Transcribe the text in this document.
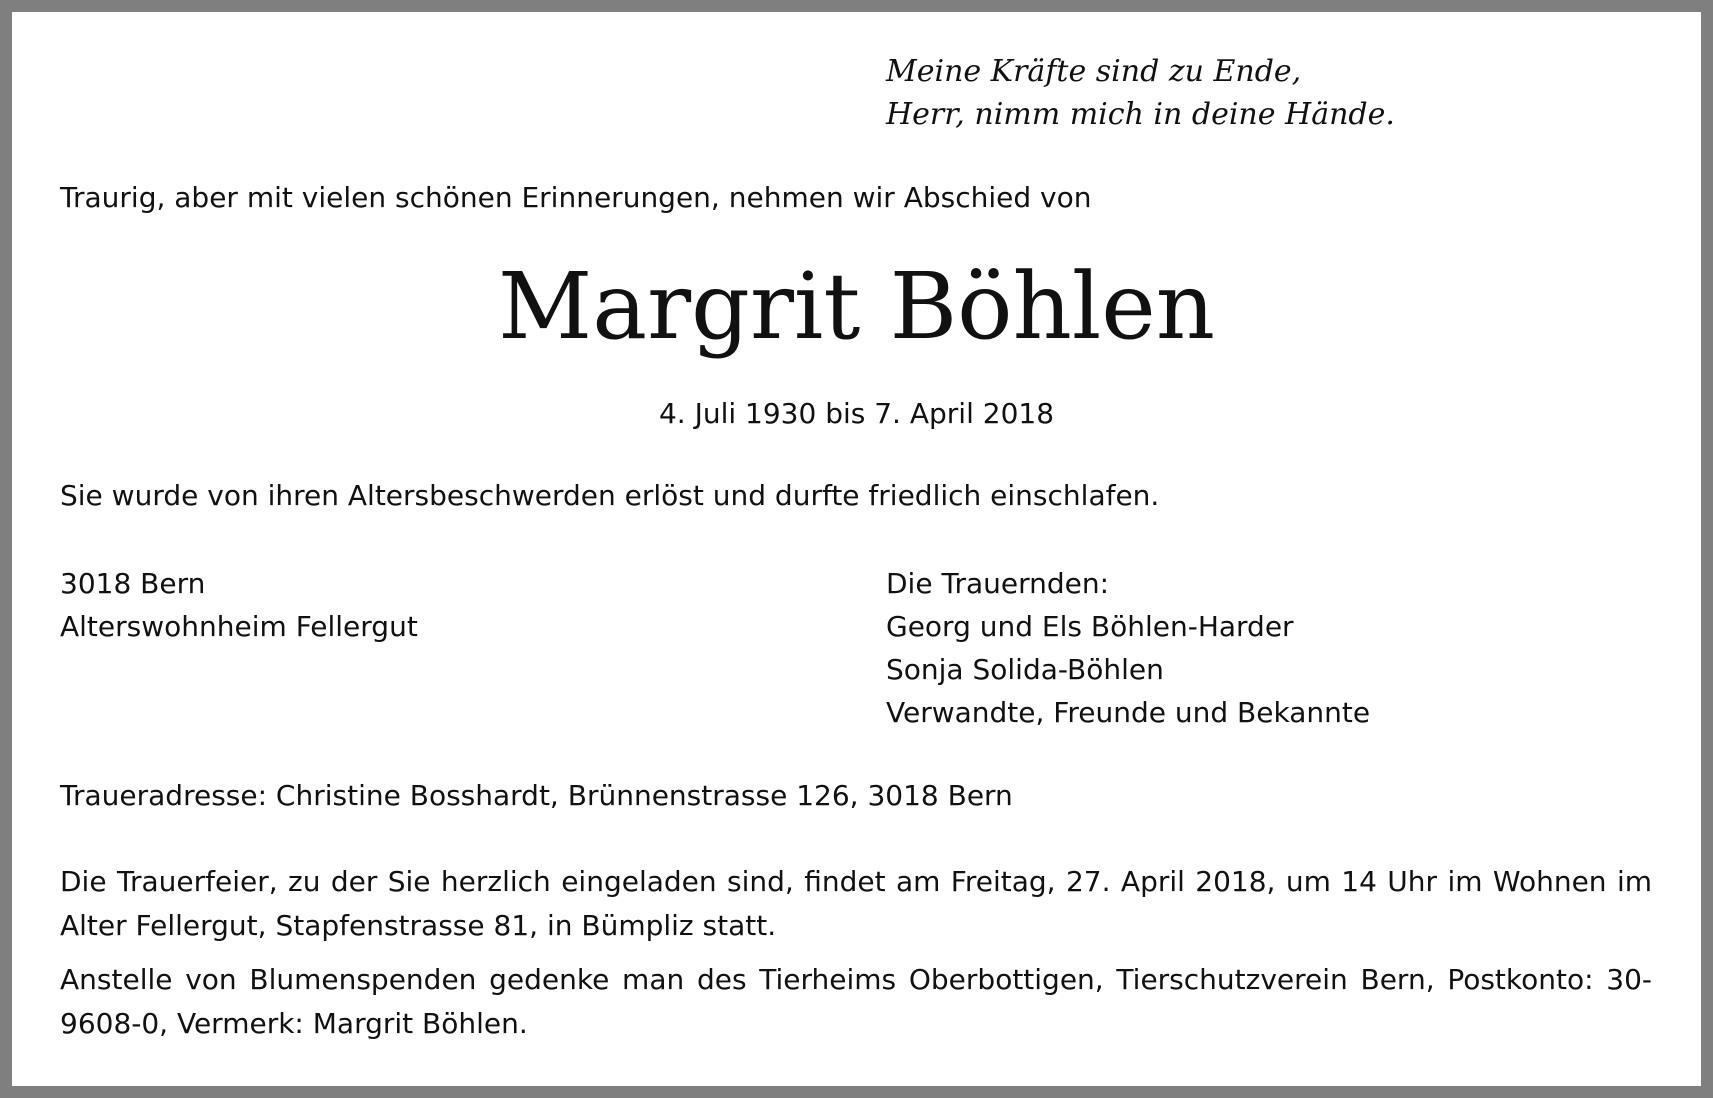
Meine Kräfte sind zu Ende,
Herr, nimm mich in deine Hände.
Traurig, aber mit vielen schönen Erinnerungen, nehmen wir Abschied von
Margrit Böhlen
4. Juli 1930 bis 7. April 2018
Sie wurde von ihren Altersbeschwerden erlöst und durfte friedlich einschlafen.
3018 Bern
Alterswohnheim Fellergut
Die Trauernden:
Georg und Els Böhlen-Harder
Sonja Solida-Böhlen
Verwandte, Freunde und Bekannte
Traueradresse: Christine Bosshardt, Brünnenstrasse 126, 3018 Bern
Die Trauerfeier, zu der Sie herzlich eingeladen sind, findet am Freitag, 27. April 2018, um 14 Uhr im Wohnen im Alter Fellergut, Stapfenstrasse 81, in Bümpliz statt.
Anstelle von Blumenspenden gedenke man des Tierheims Oberbottigen, Tierschutzverein Bern, Postkonto: 30-9608-0, Vermerk: Margrit Böhlen.
